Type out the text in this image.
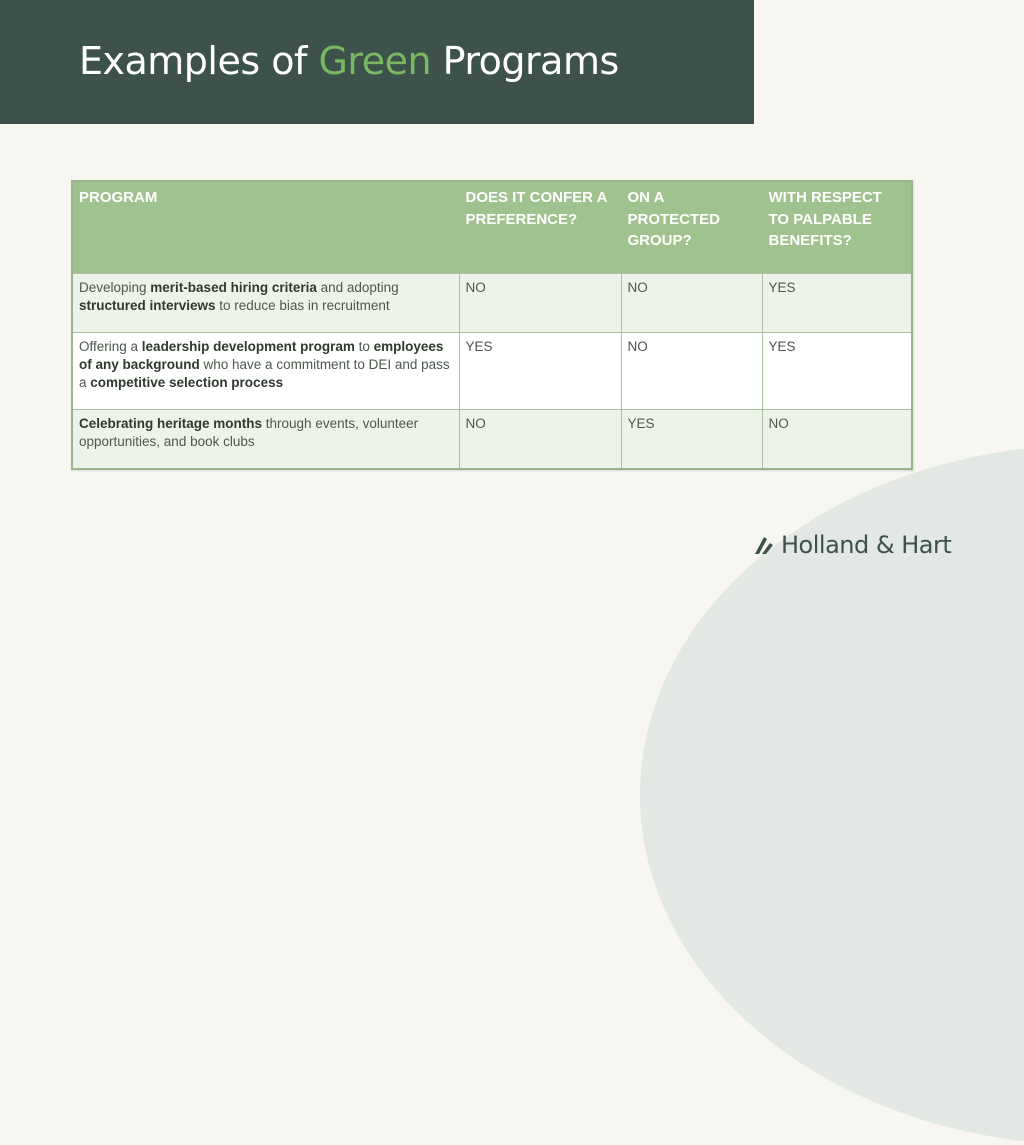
Examples of Green Programs
PROGRAM	DOES IT CONFER A PREFERENCE?	ON A PROTECTED GROUP?	WITH RESPECT TO PALPABLE BENEFITS?
Developing merit-based hiring criteria and adopting structured interviews to reduce bias in recruitment	NO	NO	YES
Offering a leadership development program to employees of any background who have a commitment to DEI and pass a competitive selection process	YES	NO	YES
Celebrating heritage months through events, volunteer opportunities, and book clubs	NO	YES	NO
Holland & Hart
